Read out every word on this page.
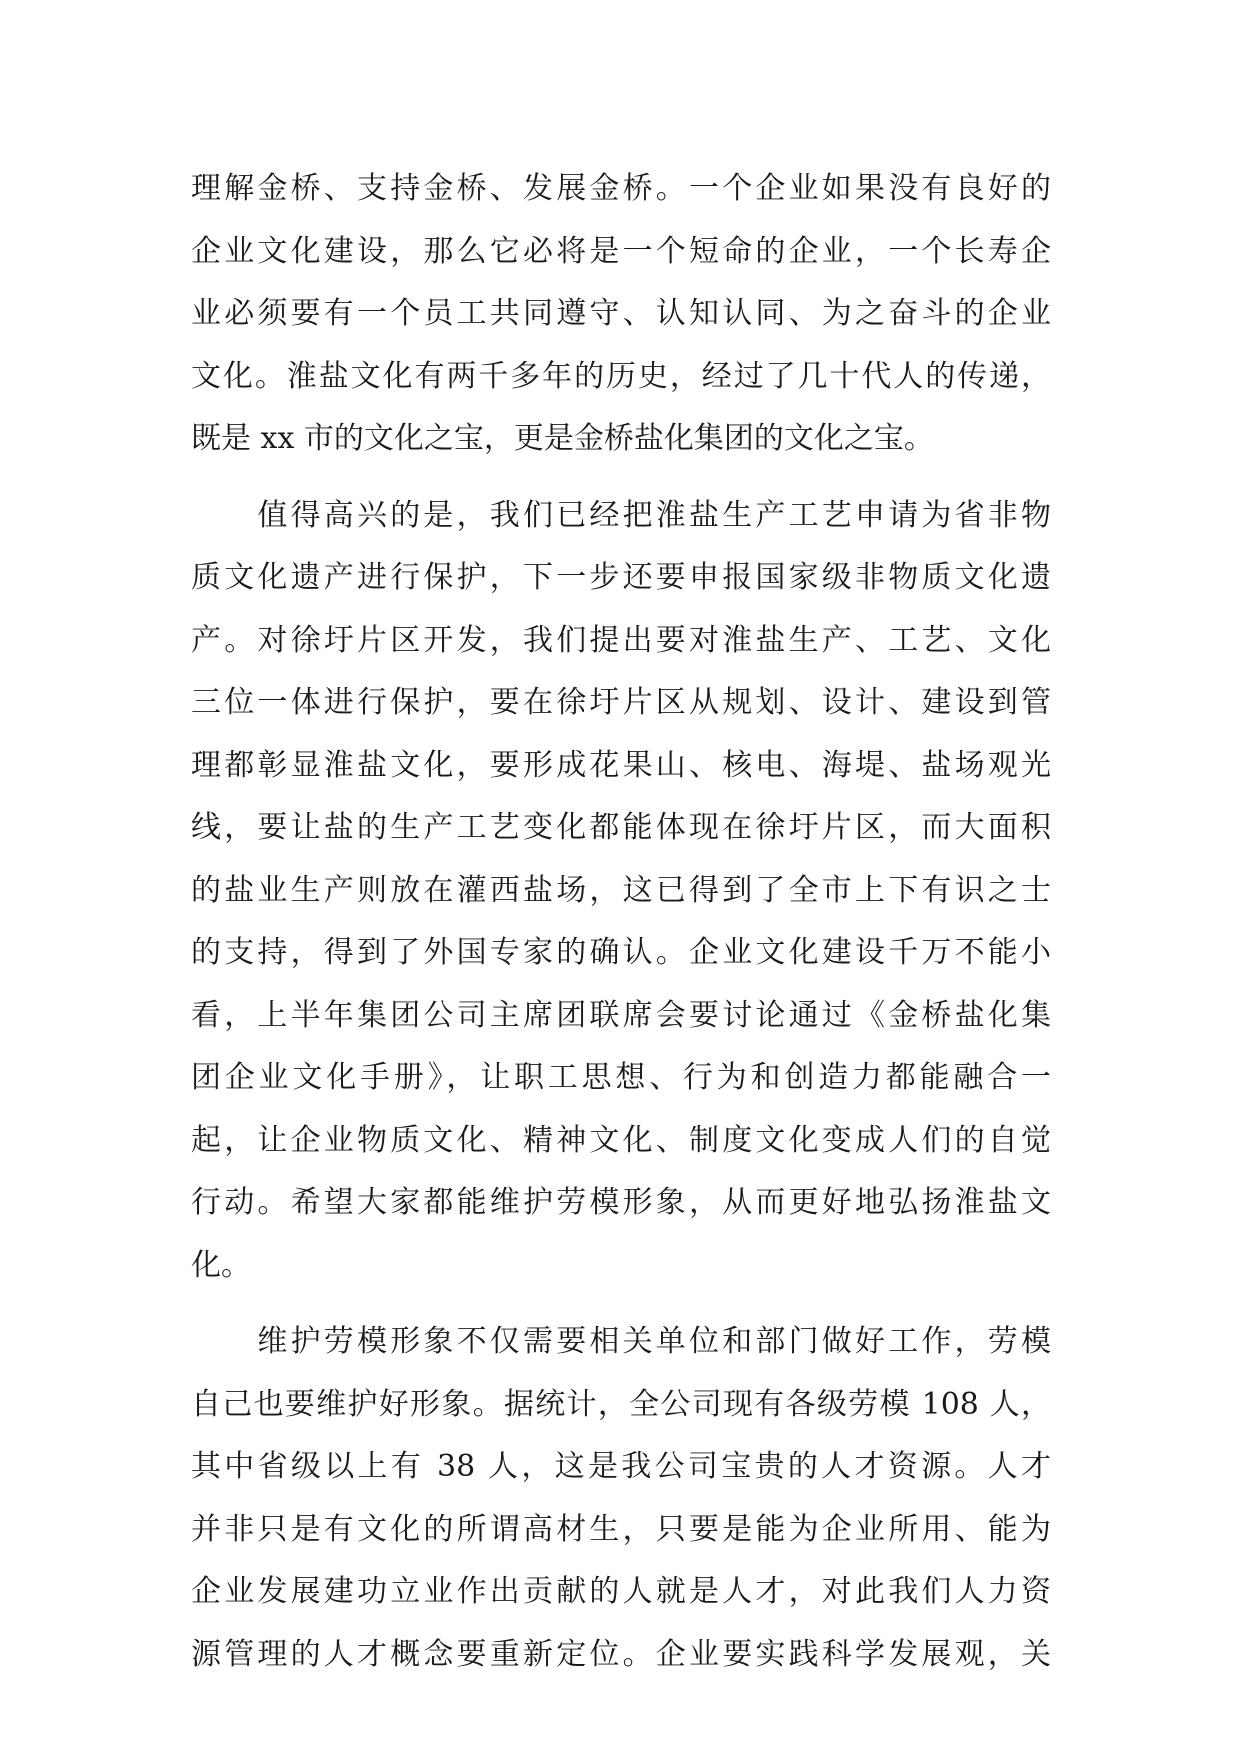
理解金桥、支持金桥、发展金桥。一个企业如果没有良好的
企业文化建设，那么它必将是一个短命的企业，一个长寿企
业必须要有一个员工共同遵守、认知认同、为之奋斗的企业
文化。淮盐文化有两千多年的历史，经过了几十代人的传递，
既是 xx 市的文化之宝，更是金桥盐化集团的文化之宝。
　　值得高兴的是，我们已经把淮盐生产工艺申请为省非物
质文化遗产进行保护，下一步还要申报国家级非物质文化遗
产。对徐圩片区开发，我们提出要对淮盐生产、工艺、文化
三位一体进行保护，要在徐圩片区从规划、设计、建设到管
理都彰显淮盐文化，要形成花果山、核电、海堤、盐场观光
线，要让盐的生产工艺变化都能体现在徐圩片区，而大面积
的盐业生产则放在灌西盐场，这已得到了全市上下有识之士
的支持，得到了外国专家的确认。企业文化建设千万不能小
看，上半年集团公司主席团联席会要讨论通过《金桥盐化集
团企业文化手册》，让职工思想、行为和创造力都能融合一
起，让企业物质文化、精神文化、制度文化变成人们的自觉
行动。希望大家都能维护劳模形象，从而更好地弘扬淮盐文
化。
　　维护劳模形象不仅需要相关单位和部门做好工作，劳模
自己也要维护好形象。据统计，全公司现有各级劳模 108 人，
其中省级以上有 38 人，这是我公司宝贵的人才资源。人才
并非只是有文化的所谓高材生，只要是能为企业所用、能为
企业发展建功立业作出贡献的人就是人才，对此我们人力资
源管理的人才概念要重新定位。企业要实践科学发展观，关
